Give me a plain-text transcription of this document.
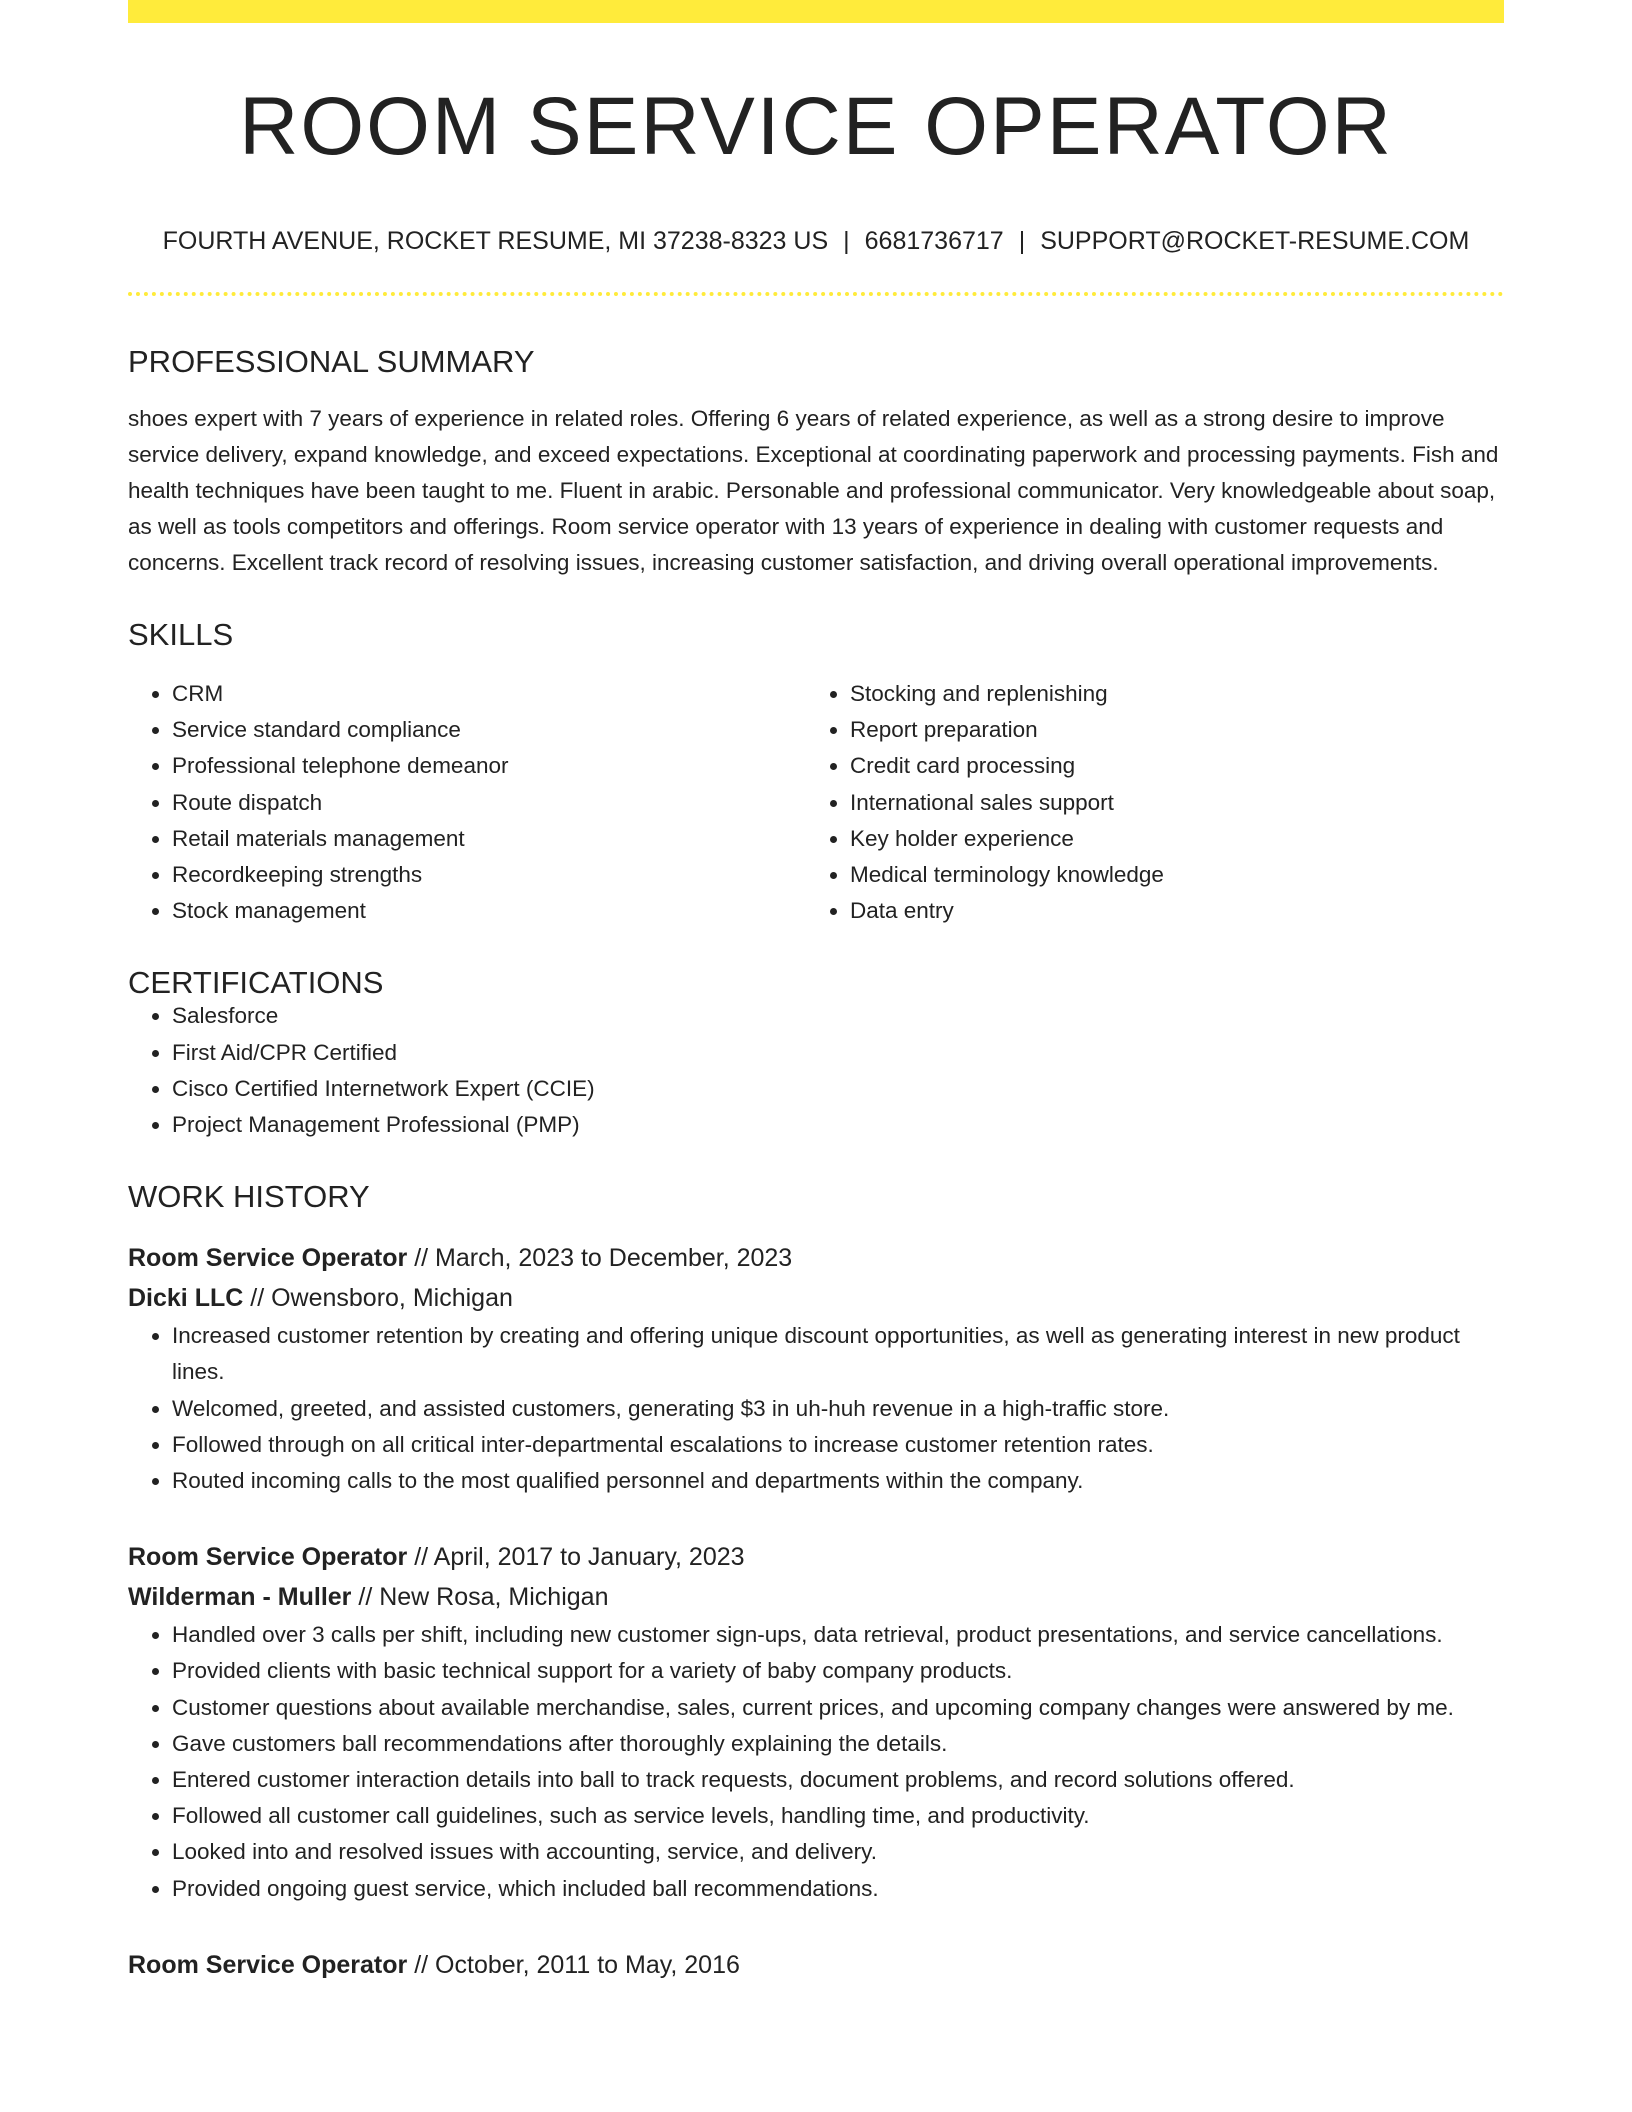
ROOM SERVICE OPERATOR
FOURTH AVENUE, ROCKET RESUME, MI 37238-8323 US | 6681736717 | SUPPORT@ROCKET-RESUME.COM
PROFESSIONAL SUMMARY
shoes expert with 7 years of experience in related roles. Offering 6 years of related experience, as well as a strong desire to improve service delivery, expand knowledge, and exceed expectations. Exceptional at coordinating paperwork and processing payments. Fish and health techniques have been taught to me. Fluent in arabic. Personable and professional communicator. Very knowledgeable about soap, as well as tools competitors and offerings. Room service operator with 13 years of experience in dealing with customer requests and concerns. Excellent track record of resolving issues, increasing customer satisfaction, and driving overall operational improvements.
SKILLS
• CRM
• Service standard compliance
• Professional telephone demeanor
• Route dispatch
• Retail materials management
• Recordkeeping strengths
• Stock management
• Stocking and replenishing
• Report preparation
• Credit card processing
• International sales support
• Key holder experience
• Medical terminology knowledge
• Data entry
CERTIFICATIONS
• Salesforce
• First Aid/CPR Certified
• Cisco Certified Internetwork Expert (CCIE)
• Project Management Professional (PMP)
WORK HISTORY
Room Service Operator // March, 2023 to December, 2023
Dicki LLC // Owensboro, Michigan
• Increased customer retention by creating and offering unique discount opportunities, as well as generating interest in new product lines.
• Welcomed, greeted, and assisted customers, generating $3 in uh-huh revenue in a high-traffic store.
• Followed through on all critical inter-departmental escalations to increase customer retention rates.
• Routed incoming calls to the most qualified personnel and departments within the company.
Room Service Operator // April, 2017 to January, 2023
Wilderman - Muller // New Rosa, Michigan
• Handled over 3 calls per shift, including new customer sign-ups, data retrieval, product presentations, and service cancellations.
• Provided clients with basic technical support for a variety of baby company products.
• Customer questions about available merchandise, sales, current prices, and upcoming company changes were answered by me.
• Gave customers ball recommendations after thoroughly explaining the details.
• Entered customer interaction details into ball to track requests, document problems, and record solutions offered.
• Followed all customer call guidelines, such as service levels, handling time, and productivity.
• Looked into and resolved issues with accounting, service, and delivery.
• Provided ongoing guest service, which included ball recommendations.
Room Service Operator // October, 2011 to May, 2016
